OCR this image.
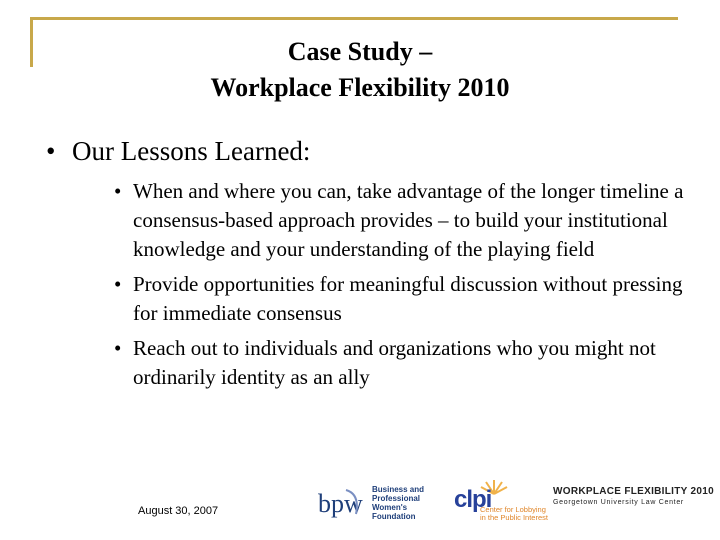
Case Study –
Workplace Flexibility 2010
• Our Lessons Learned:
• When and where you can, take advantage of the longer timeline a consensus-based approach provides – to build your institutional knowledge and your understanding of the playing field
• Provide opportunities for meaningful discussion without pressing for immediate consensus
• Reach out to individuals and organizations who you might not ordinarily identity as an ally
August 30, 2007	bpw Business and
Professional
Women's
Foundation
clpi
Center for Lobbying
in the Public Interest
WORKPLACE FLEXIBILITY 2010
Georgetown University Law Center
